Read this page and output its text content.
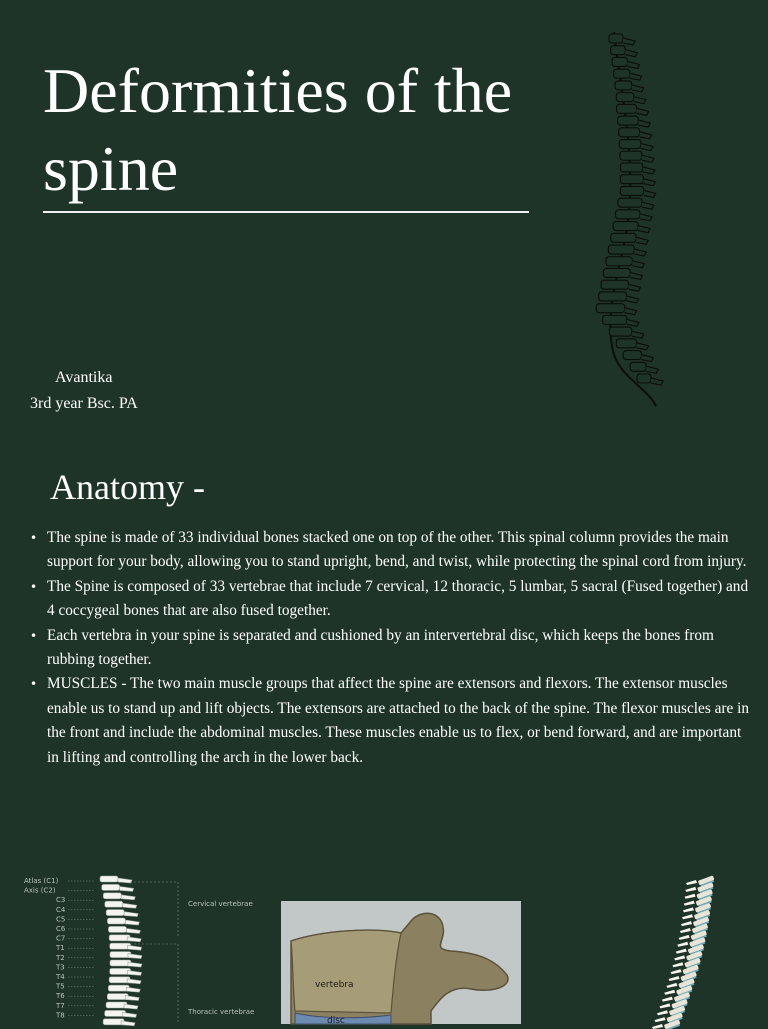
Deformities of the spine
Avantika
3rd year Bsc. PA
Anatomy -
• The spine is made of 33 individual bones stacked one on top of the other. This spinal column provides the main support for your body, allowing you to stand upright, bend, and twist, while protecting the spinal cord from injury.
• The Spine is composed of 33 vertebrae that include 7 cervical, 12 thoracic, 5 lumbar, 5 sacral (Fused together) and 4 coccygeal bones that are also fused together.
• Each vertebra in your spine is separated and cushioned by an intervertebral disc, which keeps the bones from rubbing together.
• MUSCLES - The two main muscle groups that affect the spine are extensors and flexors. The extensor muscles enable us to stand up and lift objects. The extensors are attached to the back of the spine. The flexor muscles are in the front and include the abdominal muscles. These muscles enable us to flex, or bend forward, and are important in lifting and controlling the arch in the lower back.
Atlas (C1)
Axis (C2)
C3
C4
C5
C6
C7
T1
T2
T3
T4
T5
T6
T7
T8
Cervical vertebrae
Thoracic vertebrae
vertebra
disc
